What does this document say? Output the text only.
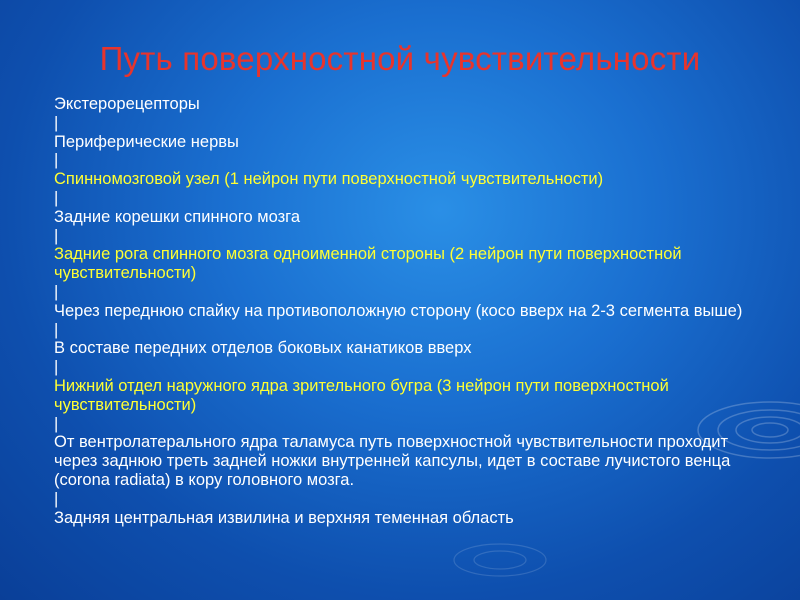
Путь поверхностной чувствительности
Экстерорецепторы
|
Периферические нервы
|
Спинномозговой узел (1 нейрон пути поверхностной чувствительности)
|
Задние корешки спинного мозга
|
Задние рога спинного мозга одноименной стороны (2 нейрон пути поверхностной чувствительности)
|
Через переднюю спайку на противоположную сторону (косо вверх на 2-3 сегмента выше)
|
В составе передних отделов боковых канатиков вверх
|
Нижний отдел наружного ядра зрительного бугра (3 нейрон пути поверхностной чувствительности)
|
От вентролатерального ядра таламуса путь поверхностной чувствительности проходит через заднюю треть задней ножки внутренней капсулы, идет в составе лучистого венца (corona radiata) в кору головного мозга.
|
Задняя центральная извилина и верхняя теменная область
